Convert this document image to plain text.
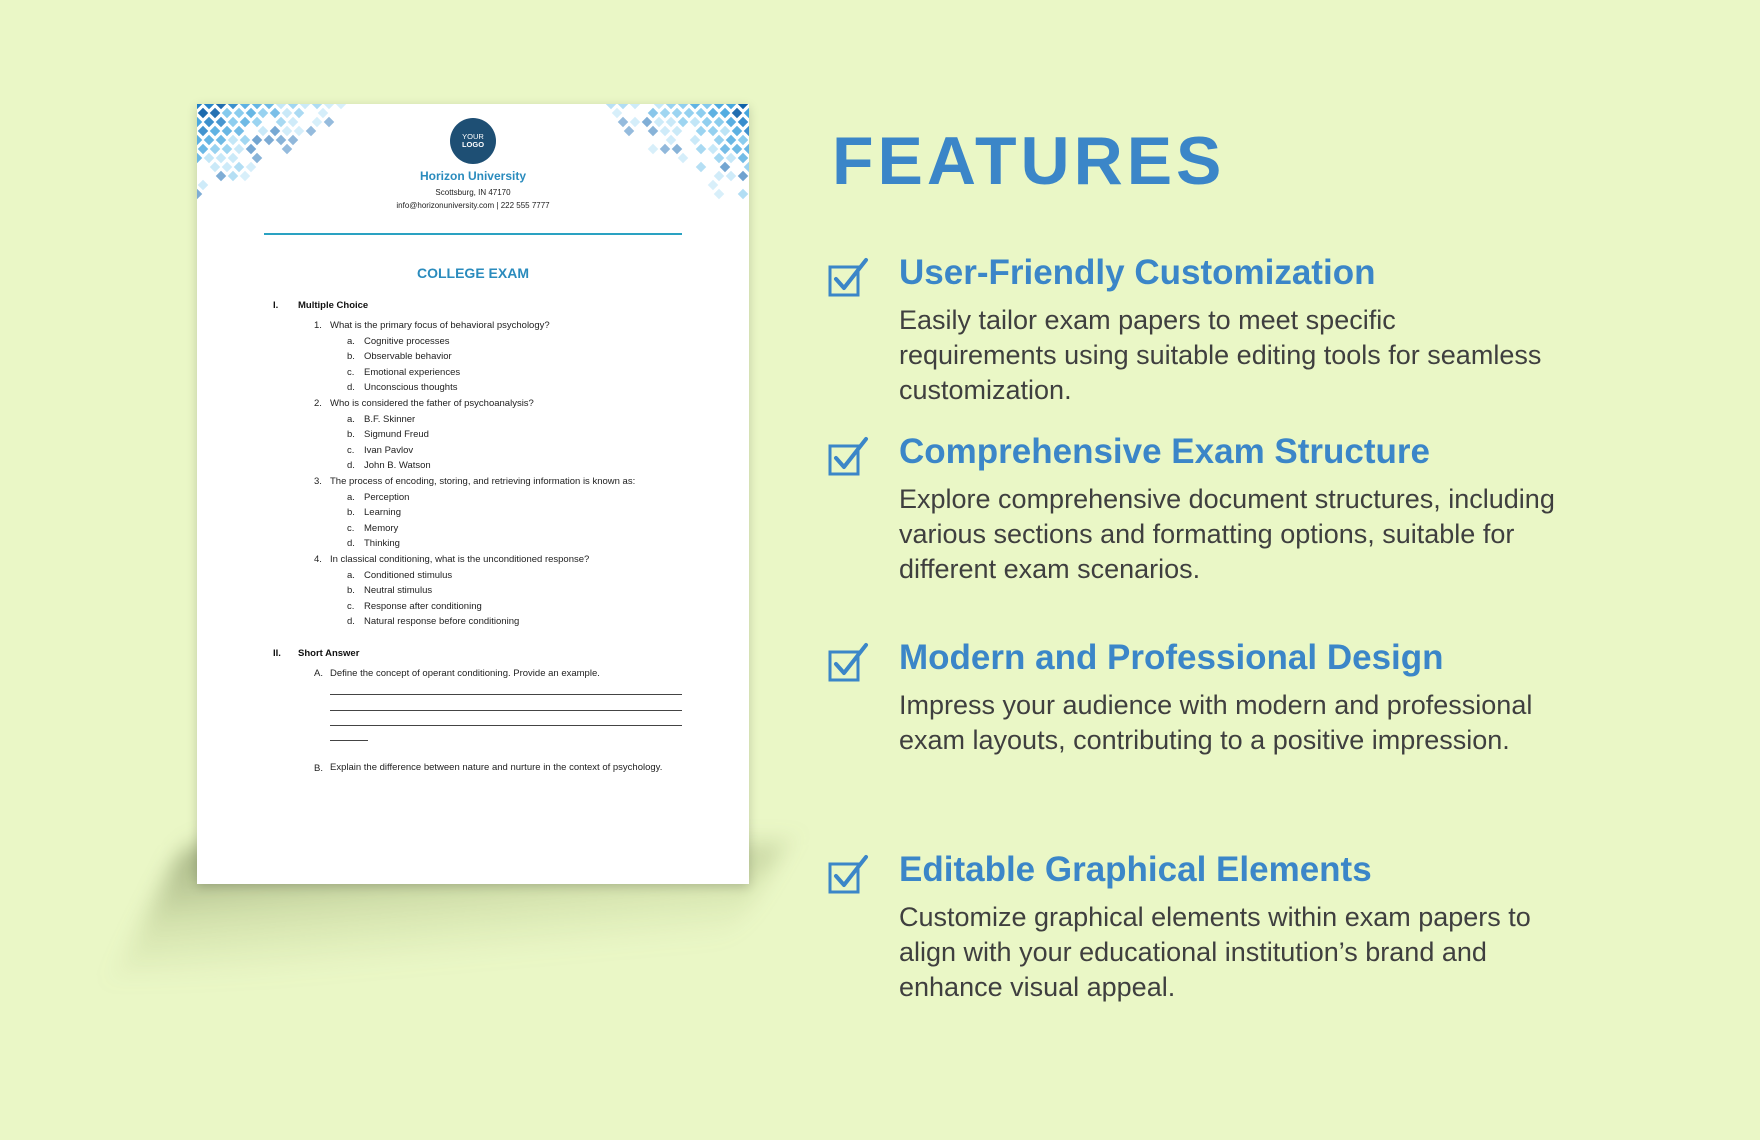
YOUR
LOGO
Horizon University
Scottsburg, IN 47170
info@horizonuniversity.com | 222 555 7777
COLLEGE EXAM
I. Multiple Choice
1. What is the primary focus of behavioral psychology?
a. Cognitive processes
b. Observable behavior
c. Emotional experiences
d. Unconscious thoughts
2. Who is considered the father of psychoanalysis?
a. B.F. Skinner
b. Sigmund Freud
c. Ivan Pavlov
d. John B. Watson
3. The process of encoding, storing, and retrieving information is known as:
a. Perception
b. Learning
c. Memory
d. Thinking
4. In classical conditioning, what is the unconditioned response?
a. Conditioned stimulus
b. Neutral stimulus
c. Response after conditioning
d. Natural response before conditioning
II. Short Answer
A. Define the concept of operant conditioning. Provide an example.
B. Explain the difference between nature and nurture in the context of psychology.
FEATURES
User-Friendly Customization
Easily tailor exam papers to meet specific requirements using suitable editing tools for seamless customization.
Comprehensive Exam Structure
Explore comprehensive document structures, including various sections and formatting options, suitable for different exam scenarios.
Modern and Professional Design
Impress your audience with modern and professional exam layouts, contributing to a positive impression.
Editable Graphical Elements
Customize graphical elements within exam papers to align with your educational institution’s brand and enhance visual appeal.
